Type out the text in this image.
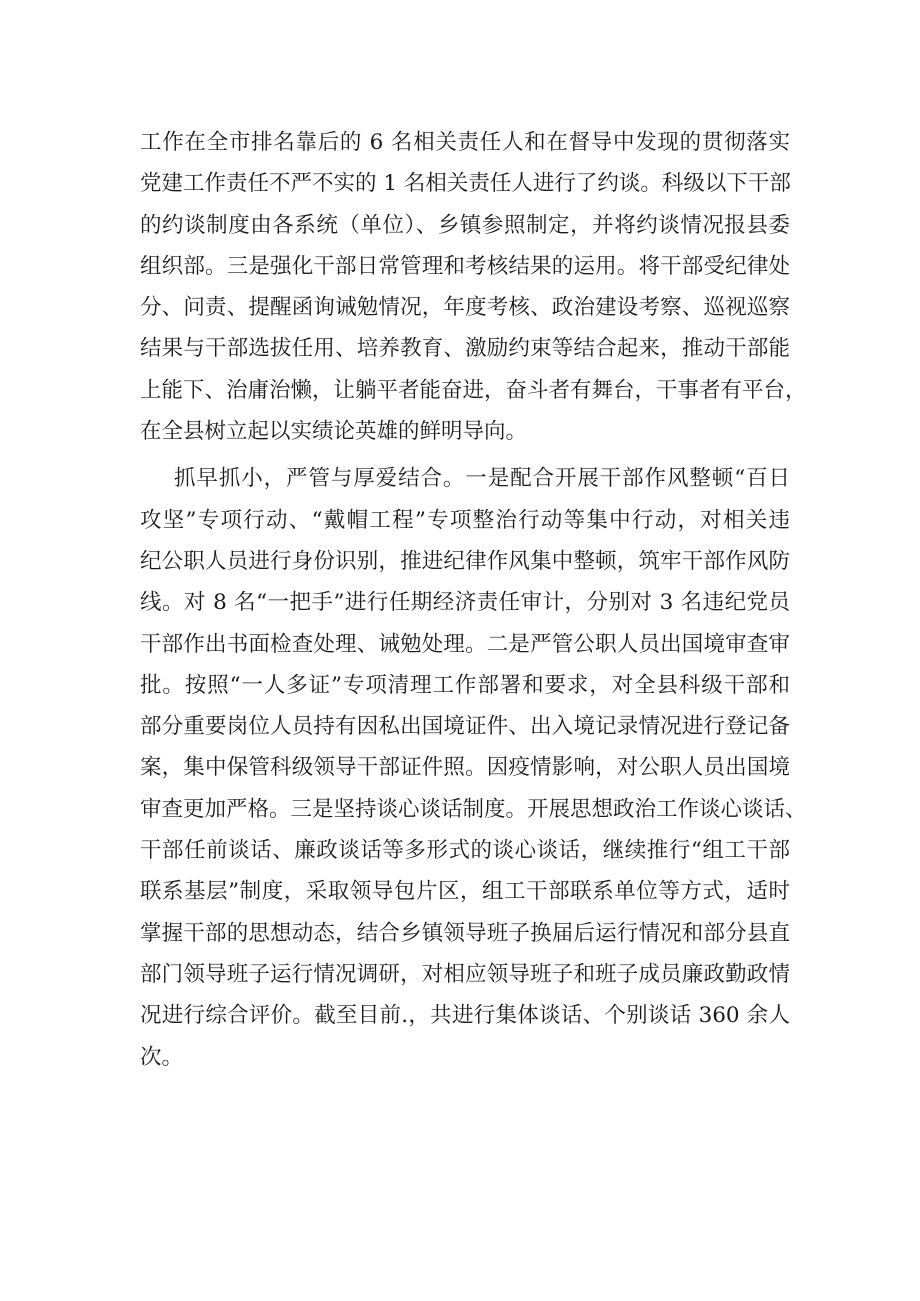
工作在全市排名靠后的 6 名相关责任人和在督导中发现的贯彻落实
党建工作责任不严不实的 1 名相关责任人进行了约谈。科级以下干部
的约谈制度由各系统（单位）、乡镇参照制定，并将约谈情况报县委
组织部。三是强化干部日常管理和考核结果的运用。将干部受纪律处
分、问责、提醒函询诫勉情况，年度考核、政治建设考察、巡视巡察
结果与干部选拔任用、培养教育、激励约束等结合起来，推动干部能
上能下、治庸治懒，让躺平者能奋进，奋斗者有舞台，干事者有平台，
在全县树立起以实绩论英雄的鲜明导向。
抓早抓小，严管与厚爱结合。一是配合开展干部作风整顿“百日
攻坚”专项行动、“戴帽工程”专项整治行动等集中行动，对相关违
纪公职人员进行身份识别，推进纪律作风集中整顿，筑牢干部作风防
线。对 8 名“一把手”进行任期经济责任审计，分别对 3 名违纪党员
干部作出书面检查处理、诫勉处理。二是严管公职人员出国境审查审
批。按照“一人多证”专项清理工作部署和要求，对全县科级干部和
部分重要岗位人员持有因私出国境证件、出入境记录情况进行登记备
案，集中保管科级领导干部证件照。因疫情影响，对公职人员出国境
审查更加严格。三是坚持谈心谈话制度。开展思想政治工作谈心谈话、
干部任前谈话、廉政谈话等多形式的谈心谈话，继续推行“组工干部
联系基层”制度，采取领导包片区，组工干部联系单位等方式，适时
掌握干部的思想动态，结合乡镇领导班子换届后运行情况和部分县直
部门领导班子运行情况调研，对相应领导班子和班子成员廉政勤政情
况进行综合评价。截至目前.，共进行集体谈话、个别谈话 360 余人
次。
